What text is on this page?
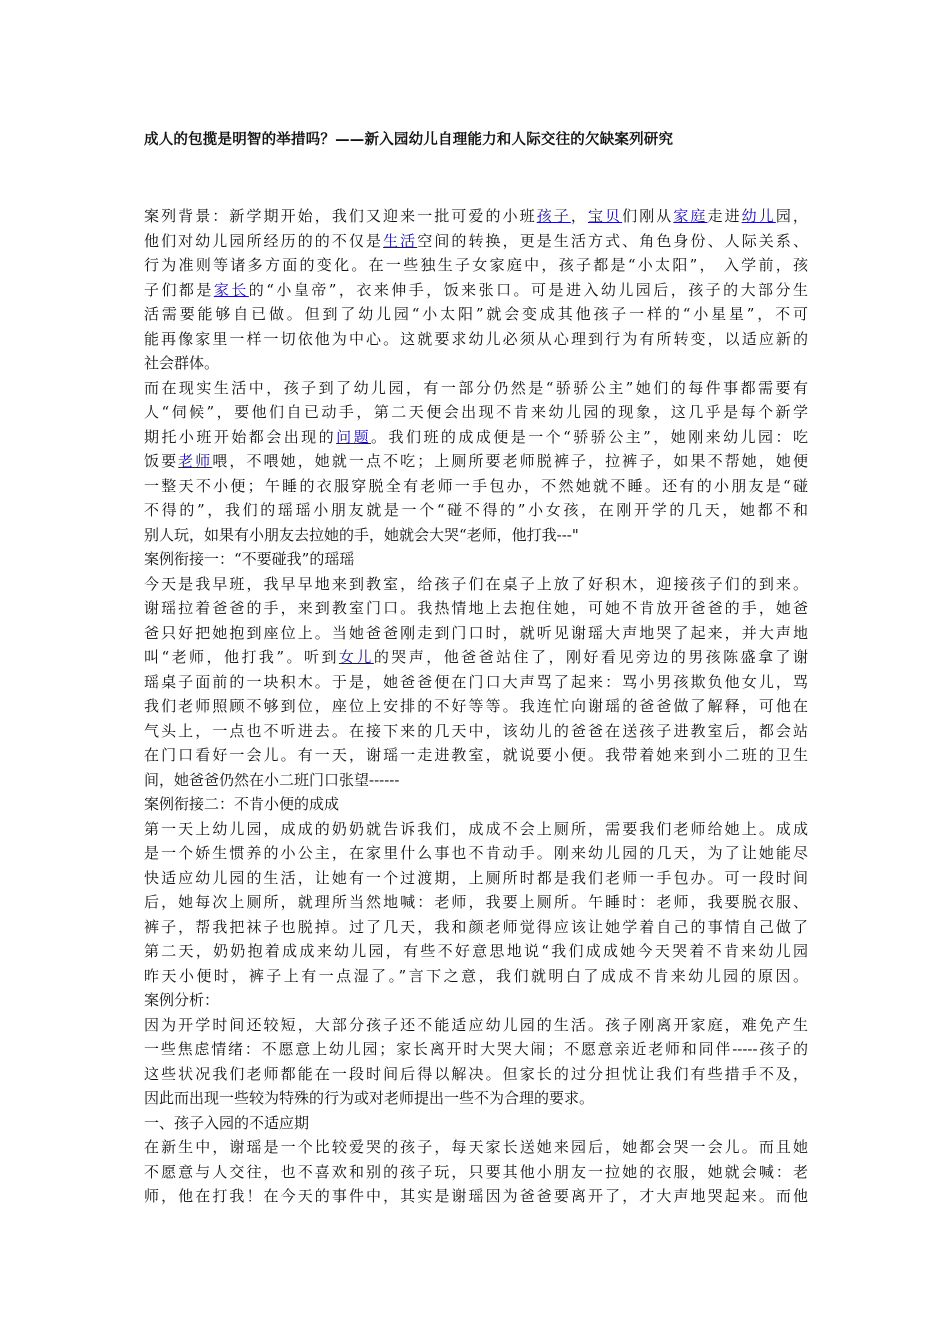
成人的包揽是明智的举措吗？——新入园幼儿自理能力和人际交往的欠缺案列研究
案列背景：新学期开始，我们又迎来一批可爱的小班孩子，宝贝们刚从家庭走进幼儿园，
他们对幼儿园所经历的的不仅是生活空间的转换，更是生活方式、角色身份、人际关系、
行为准则等诸多方面的变化。在一些独生子女家庭中，孩子都是“小太阳”， 入学前，孩
子们都是家长的“小皇帝”，衣来伸手，饭来张口。可是进入幼儿园后，孩子的大部分生
活需要能够自已做。但到了幼儿园“小太阳”就会变成其他孩子一样的“小星星”，不可
能再像家里一样一切依他为中心。这就要求幼儿必须从心理到行为有所转变，以适应新的
社会群体。
而在现实生活中，孩子到了幼儿园，有一部分仍然是“骄骄公主”她们的每件事都需要有
人“伺候”，要他们自已动手，第二天便会出现不肯来幼儿园的现象，这几乎是每个新学
期托小班开始都会出现的问题。我们班的成成便是一个“骄骄公主”，她刚来幼儿园：吃
饭要老师喂，不喂她，她就一点不吃；上厕所要老师脱裤子，拉裤子，如果不帮她，她便
一整天不小便；午睡的衣服穿脱全有老师一手包办，不然她就不睡。还有的小朋友是“碰
不得的”，我们的瑶瑶小朋友就是一个“碰不得的”小女孩，在刚开学的几天，她都不和
别人玩，如果有小朋友去拉她的手，她就会大哭“老师，他打我---"
案例衔接一：“不要碰我”的瑶瑶
今天是我早班，我早早地来到教室，给孩子们在桌子上放了好积木，迎接孩子们的到来。
谢瑶拉着爸爸的手，来到教室门口。我热情地上去抱住她，可她不肯放开爸爸的手，她爸
爸只好把她抱到座位上。当她爸爸刚走到门口时，就听见谢瑶大声地哭了起来，并大声地
叫“老师，他打我”。听到女儿的哭声，他爸爸站住了，刚好看见旁边的男孩陈盛拿了谢
瑶桌子面前的一块积木。于是，她爸爸便在门口大声骂了起来：骂小男孩欺负他女儿，骂
我们老师照顾不够到位，座位上安排的不好等等。我连忙向谢瑶的爸爸做了解释，可他在
气头上，一点也不听进去。在接下来的几天中，该幼儿的爸爸在送孩子进教室后，都会站
在门口看好一会儿。有一天，谢瑶一走进教室，就说要小便。我带着她来到小二班的卫生
间，她爸爸仍然在小二班门口张望------
案例衔接二：不肯小便的成成
第一天上幼儿园，成成的奶奶就告诉我们，成成不会上厕所，需要我们老师给她上。成成
是一个娇生惯养的小公主，在家里什么事也不肯动手。刚来幼儿园的几天，为了让她能尽
快适应幼儿园的生活，让她有一个过渡期，上厕所时都是我们老师一手包办。可一段时间
后，她每次上厕所，就理所当然地喊：老师，我要上厕所。午睡时：老师，我要脱衣服、
裤子，帮我把袜子也脱掉。过了几天，我和颜老师觉得应该让她学着自己的事情自己做了
第二天，奶奶抱着成成来幼儿园，有些不好意思地说“我们成成她今天哭着不肯来幼儿园
昨天小便时，裤子上有一点湿了。”言下之意，我们就明白了成成不肯来幼儿园的原因。
案例分析：
因为开学时间还较短，大部分孩子还不能适应幼儿园的生活。孩子刚离开家庭，难免产生
一些焦虑情绪：不愿意上幼儿园；家长离开时大哭大闹；不愿意亲近老师和同伴-----孩子的
这些状况我们老师都能在一段时间后得以解决。但家长的过分担忧让我们有些措手不及，
因此而出现一些较为特殊的行为或对老师提出一些不为合理的要求。
一、孩子入园的不适应期
在新生中，谢瑶是一个比较爱哭的孩子，每天家长送她来园后，她都会哭一会儿。而且她
不愿意与人交往，也不喜欢和别的孩子玩，只要其他小朋友一拉她的衣服，她就会喊：老
师，他在打我！在今天的事件中，其实是谢瑶因为爸爸要离开了，才大声地哭起来。而他
